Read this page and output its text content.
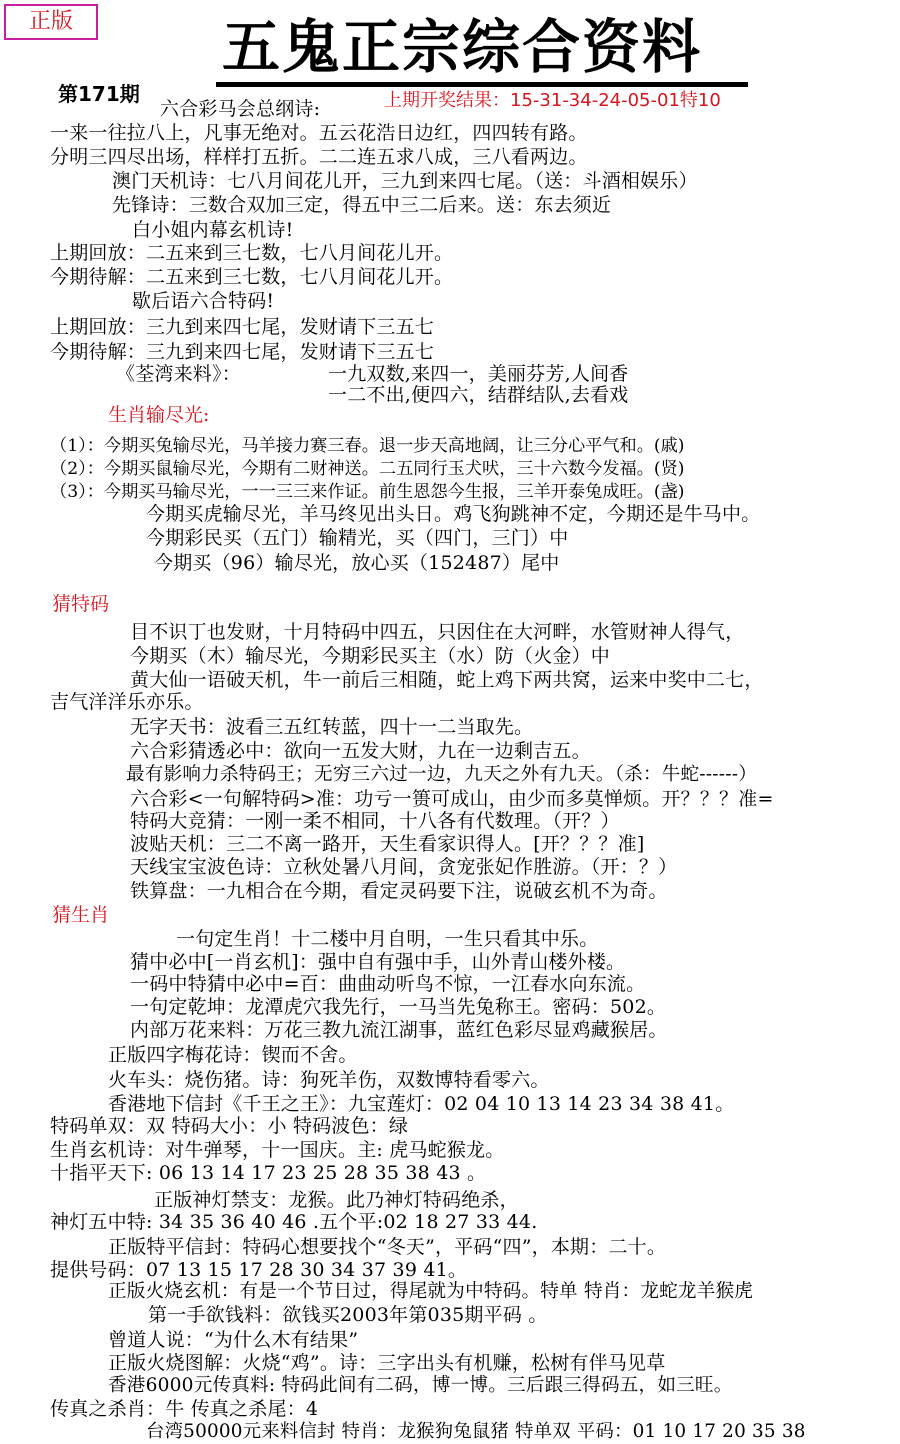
正版	五鬼正宗综合资料
第171期	上期开奖结果：15-31-34-24-05-01特10
六合彩马会总纲诗:
一来一往拉八上，凡事无绝对。五云花浩日边红，四四转有路。
分明三四尽出场，样样打五折。二二连五求八成，三八看两边。
澳门天机诗：七八月间花儿开，三九到来四七尾。（送：斗酒相娱乐）
先锋诗：三数合双加三定，得五中三二后来。送：东去须近
白小姐内幕玄机诗!
上期回放：二五来到三七数，七八月间花儿开。
今期待解：二五来到三七数，七八月间花儿开。
歇后语六合特码!
上期回放：三九到来四七尾，发财请下三五七
今期待解：三九到来四七尾，发财请下三五七
《荃湾来料》：	一九双数,来四一，美丽芬芳,人间香
一二不出,便四六，结群结队,去看戏
生肖输尽光:
（1）：今期买兔输尽光，马羊接力赛三春。退一步天高地阔，让三分心平气和。(戚)
（2）：今期买鼠输尽光，今期有二财神送。二五同行玉犬吠，三十六数今发福。(贤)
（3）：今期买马输尽光，一一三三来作证。前生恩怨今生报，三羊开泰兔成旺。(盏)
今期买虎输尽光，羊马终见出头日。鸡飞狗跳神不定，今期还是牛马中。
今期彩民买（五门）输精光，买（四门，三门）中
今期买（96）输尽光，放心买（152487）尾中
猜特码
目不识丁也发财，十月特码中四五，只因住在大河畔，水管财神人得气，
今期买（木）输尽光，今期彩民买主（水）防（火金）中
黄大仙一语破天机，牛一前后三相随，蛇上鸡下两共窝，运来中奖中二七，
吉气洋洋乐亦乐。
无字天书：波看三五红转蓝，四十一二当取先。
六合彩猜透必中：欲向一五发大财，九在一边剩吉五。
最有影响力杀特码王；无穷三六过一边，九天之外有九天。（杀：牛蛇------）
六合彩<一句解特码>准：功亏一篑可成山，由少而多莫惮烦。开？？？准=
特码大竞猜：一刚一柔不相同，十八各有代数理。（开？）
波贴天机：三二不离一路开，天生看家识得人。[开？？？准]
天线宝宝波色诗：立秋处暑八月间，贪宠张妃作胜游。（开：？）
铁算盘：一九相合在今期，看定灵码要下注，说破玄机不为奇。
猜生肖
一句定生肖！十二楼中月自明，一生只看其中乐。
猜中必中[一肖玄机]：强中自有强中手，山外青山楼外楼。
一码中特猜中必中=百：曲曲动听鸟不惊，一江春水向东流。
一句定乾坤：龙潭虎穴我先行，一马当先兔称王。密码：502。
内部万花来料：万花三教九流江湖事，蓝红色彩尽显鸡藏猴居。
正版四字梅花诗：锲而不舍。
火车头：烧伤猪。诗：狗死羊伤，双数博特看零六。
香港地下信封《千王之王》：九宝莲灯：02 04 10 13 14 23 34 38 41。
特码单双：双 特码大小：小 特码波色：绿
生肖玄机诗：对牛弹琴，十一国庆。主: 虎马蛇猴龙。
十指平天下: 06 13 14 17 23 25 28 35 38 43 。
正版神灯禁支：龙猴。此乃神灯特码绝杀，
神灯五中特: 34 35 36 40 46 .五个平:02 18 27 33 44.
正版特平信封：特码心想要找个“冬天”，平码“四”，本期：二十。
提供号码：07 13 15 17 28 30 34 37 39 41。
正版火烧玄机：有是一个节日过，得尾就为中特码。特单 特肖：龙蛇龙羊猴虎
第一手欲钱料：欲钱买2003年第035期平码 。
曾道人说：“为什么木有结果”
正版火烧图解：火烧“鸡”。诗：三字出头有机赚，松树有伴马见草
香港6000元传真料: 特码此间有二码，博一博。三后跟三得码五，如三旺。
传真之杀肖：牛 传真之杀尾：4
台湾50000元来料信封 特肖：龙猴狗兔鼠猪 特单双 平码：01 10 17 20 35 38
